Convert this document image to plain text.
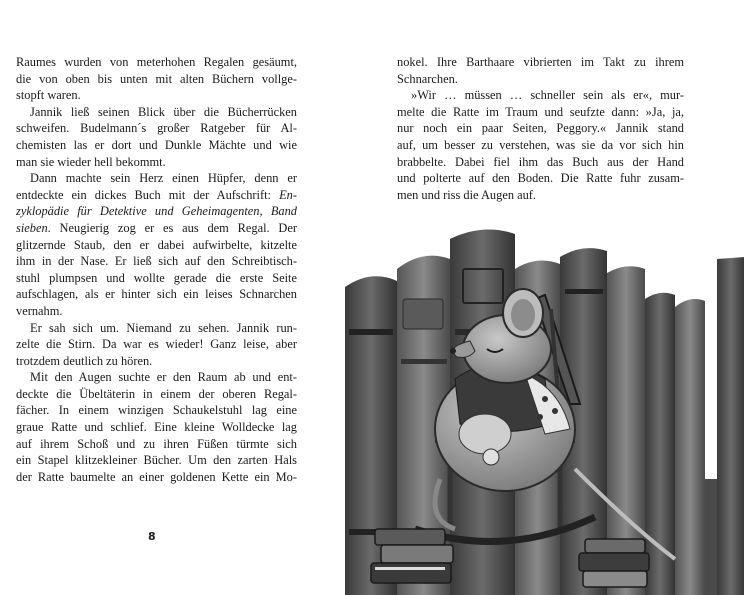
Raumes wurden von meterhohen Regalen gesäumt,
die von oben bis unten mit alten Büchern vollge-
stopft waren.
Jannik ließ seinen Blick über die Bücherrücken
schweifen. Budelmann´s großer Ratgeber für Al-
chemisten las er dort und Dunkle Mächte und wie
man sie wieder hell bekommt.
Dann machte sein Herz einen Hüpfer, denn er
entdeckte ein dickes Buch mit der Aufschrift: En-
zyklopädie für Detektive und Geheimagenten, Band
sieben. Neugierig zog er es aus dem Regal. Der
glitzernde Staub, den er dabei aufwirbelte, kitzelte
ihm in der Nase. Er ließ sich auf den Schreibtisch-
stuhl plumpsen und wollte gerade die erste Seite
aufschlagen, als er hinter sich ein leises Schnarchen
vernahm.
Er sah sich um. Niemand zu sehen. Jannik run-
zelte die Stirn. Da war es wieder! Ganz leise, aber
trotzdem deutlich zu hören.
Mit den Augen suchte er den Raum ab und ent-
deckte die Übeltäterin in einem der oberen Regal-
fächer. In einem winzigen Schaukelstuhl lag eine
graue Ratte und schlief. Eine kleine Wolldecke lag
auf ihrem Schoß und zu ihren Füßen türmte sich
ein Stapel klitzekleiner Bücher. Um den zarten Hals
der Ratte baumelte an einer goldenen Kette ein Mo-
8
nokel. Ihre Barthaare vibrierten im Takt zu ihrem
Schnarchen.
»Wir … müssen … schneller sein als er«, mur-
melte die Ratte im Traum und seufzte dann: »Ja, ja,
nur noch ein paar Seiten, Peggory.« Jannik stand
auf, um besser zu verstehen, was sie da vor sich hin
brabbelte. Dabei fiel ihm das Buch aus der Hand
und polterte auf den Boden. Die Ratte fuhr zusam-
men und riss die Augen auf.
